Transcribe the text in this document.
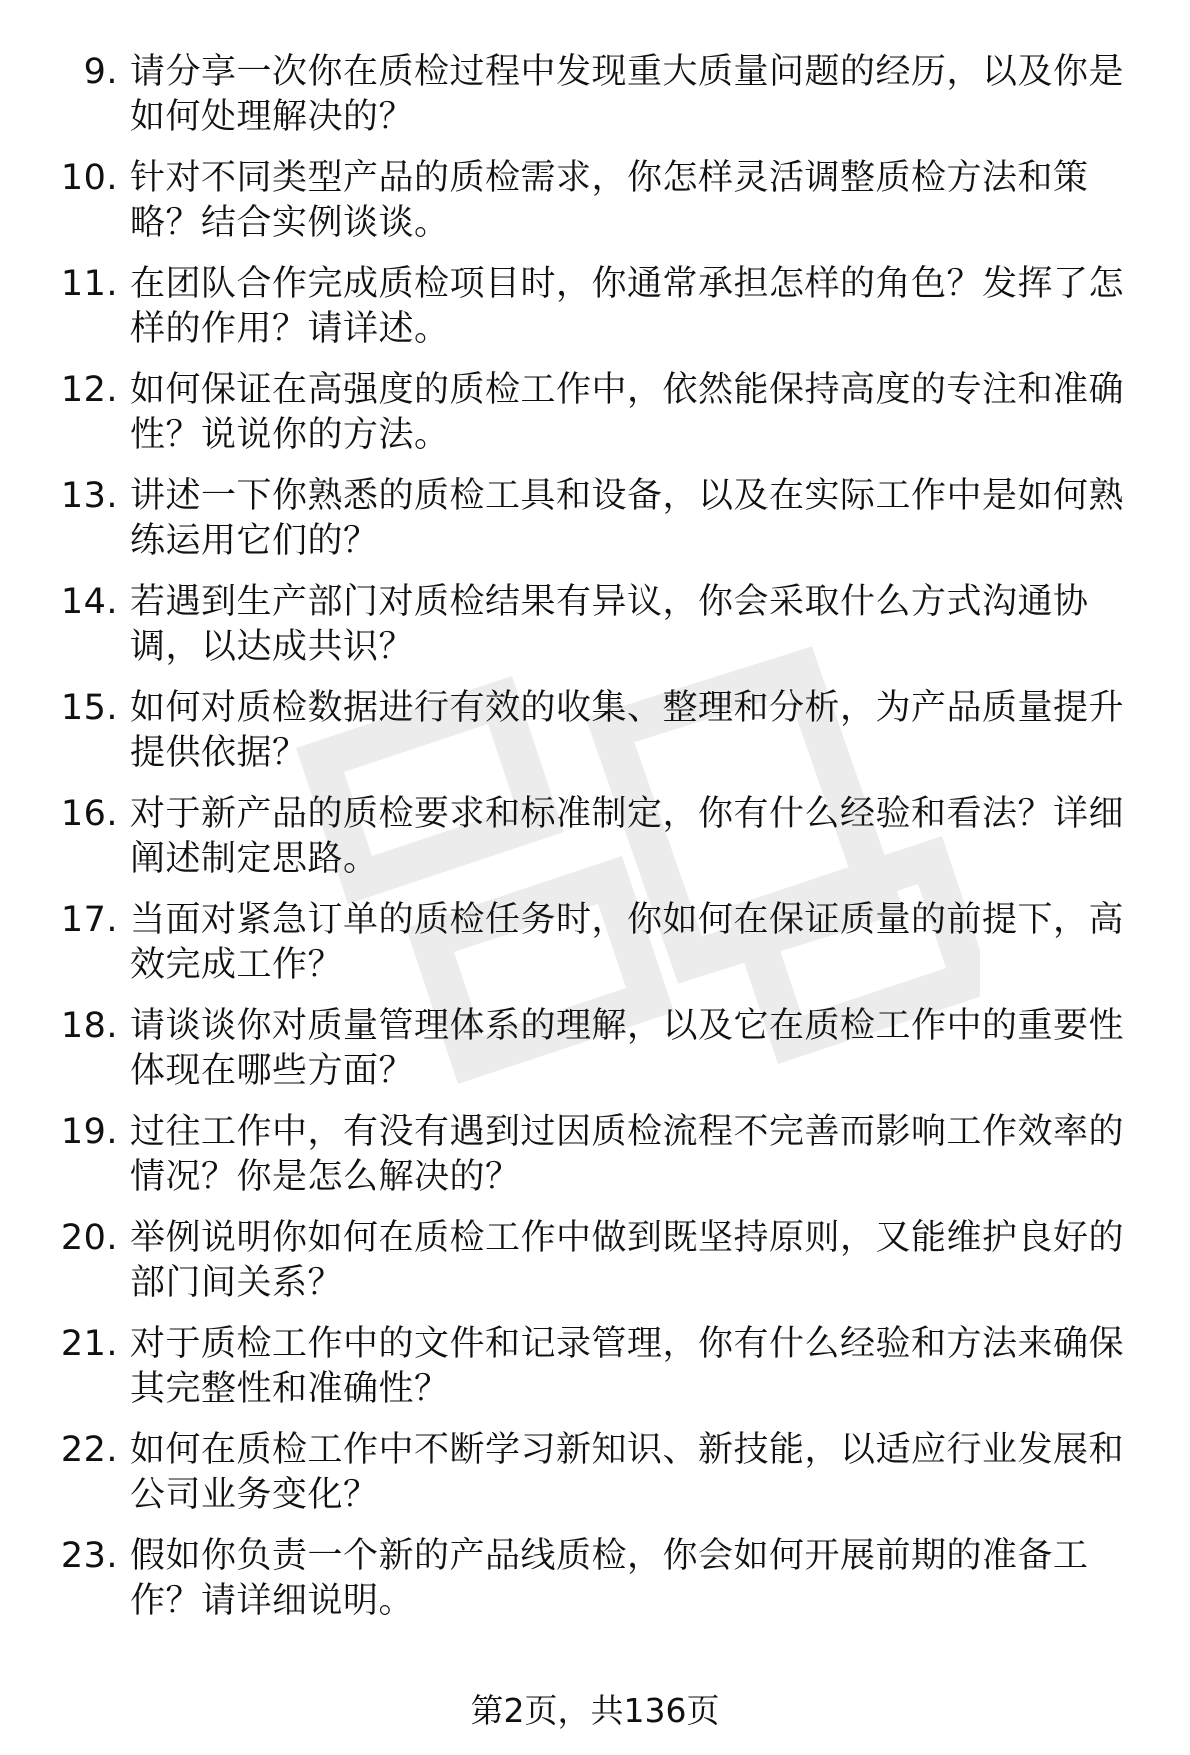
9. 请分享一次你在质检过程中发现重大质量问题的经历，以及你是如何处理解决的？
10. 针对不同类型产品的质检需求，你怎样灵活调整质检方法和策略？结合实例谈谈。
11. 在团队合作完成质检项目时，你通常承担怎样的角色？发挥了怎样的作用？请详述。
12. 如何保证在高强度的质检工作中，依然能保持高度的专注和准确性？说说你的方法。
13. 讲述一下你熟悉的质检工具和设备，以及在实际工作中是如何熟练运用它们的？
14. 若遇到生产部门对质检结果有异议，你会采取什么方式沟通协调，以达成共识？
15. 如何对质检数据进行有效的收集、整理和分析，为产品质量提升提供依据？
16. 对于新产品的质检要求和标准制定，你有什么经验和看法？详细阐述制定思路。
17. 当面对紧急订单的质检任务时，你如何在保证质量的前提下，高效完成工作？
18. 请谈谈你对质量管理体系的理解，以及它在质检工作中的重要性体现在哪些方面？
19. 过往工作中，有没有遇到过因质检流程不完善而影响工作效率的情况？你是怎么解决的？
20. 举例说明你如何在质检工作中做到既坚持原则，又能维护良好的部门间关系？
21. 对于质检工作中的文件和记录管理，你有什么经验和方法来确保其完整性和准确性？
22. 如何在质检工作中不断学习新知识、新技能，以适应行业发展和公司业务变化？
23. 假如你负责一个新的产品线质检，你会如何开展前期的准备工作？请详细说明。
第2页，共136页
